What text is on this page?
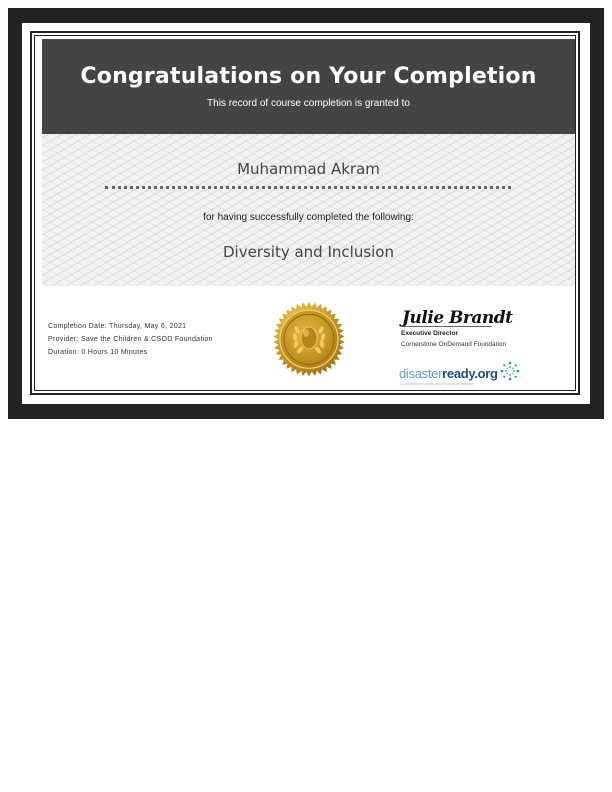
Congratulations on Your Completion
This record of course completion is granted to
Muhammad Akram
for having successfully completed the following:
Diversity and Inclusion
Completion Date: Thursday, May 6, 2021
Provider: Save the Children & CSOD Foundation
Duration: 0 Hours 10 Minutes
Julie Brandt
Executive Director
Cornerstone OnDemand Foundation
disasterready.org
A Cornerstone OnDemand Foundation Initiative
